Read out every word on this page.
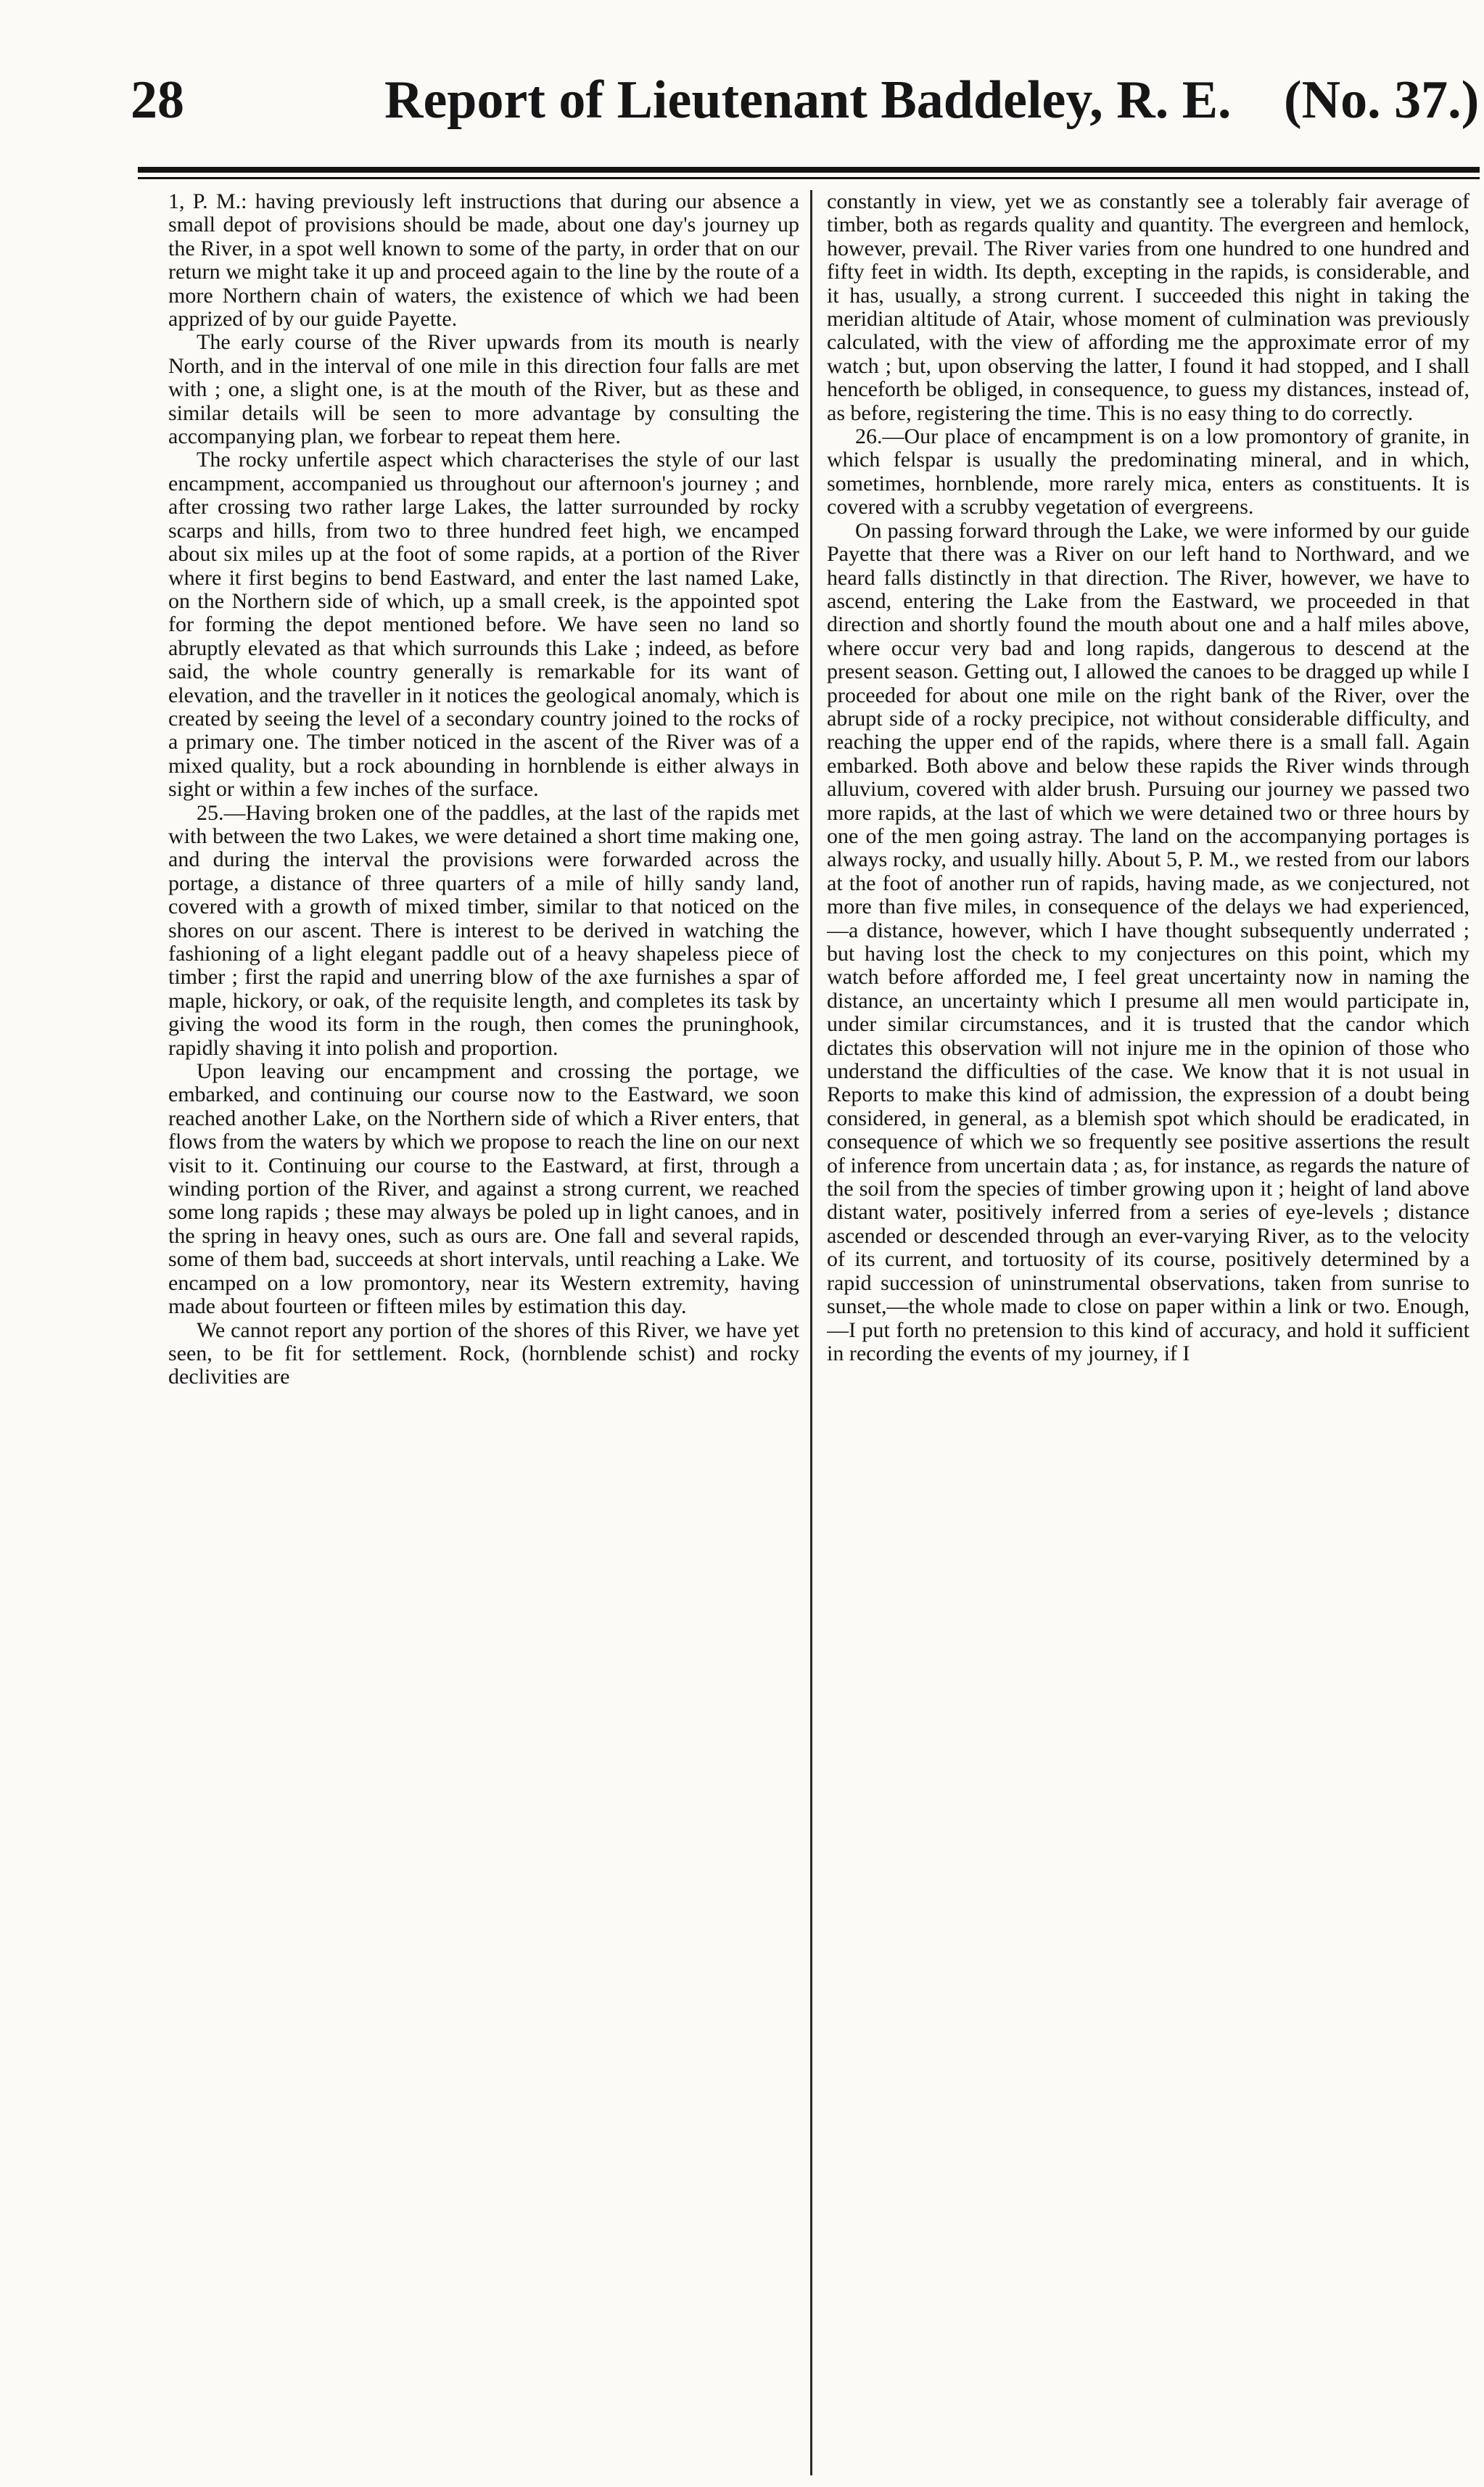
28	Report of Lieutenant Baddeley, R. E. (No. 37.)

1, P. M.: having previously left instructions that during our absence a small depot of provisions should be made, about one day's journey up the River, in a spot well known to some of the party, in order that on our return we might take it up and proceed again to the line by the route of a more Northern chain of waters, the existence of which we had been apprized of by our guide Payette.

The early course of the River upwards from its mouth is nearly North, and in the interval of one mile in this direction four falls are met with ; one, a slight one, is at the mouth of the River, but as these and similar details will be seen to more advantage by consulting the accompanying plan, we forbear to repeat them here.

The rocky unfertile aspect which characterises the style of our last encampment, accompanied us throughout our afternoon's journey ; and after crossing two rather large Lakes, the latter surrounded by rocky scarps and hills, from two to three hundred feet high, we encamped about six miles up at the foot of some rapids, at a portion of the River where it first begins to bend Eastward, and enter the last named Lake, on the Northern side of which, up a small creek, is the appointed spot for forming the depot mentioned before. We have seen no land so abruptly elevated as that which surrounds this Lake ; indeed, as before said, the whole country generally is remarkable for its want of elevation, and the traveller in it notices the geological anomaly, which is created by seeing the level of a secondary country joined to the rocks of a primary one. The timber noticed in the ascent of the River was of a mixed quality, but a rock abounding in hornblende is either always in sight or within a few inches of the surface.

25.—Having broken one of the paddles, at the last of the rapids met with between the two Lakes, we were detained a short time making one, and during the interval the provisions were forwarded across the portage, a distance of three quarters of a mile of hilly sandy land, covered with a growth of mixed timber, similar to that noticed on the shores on our ascent. There is interest to be derived in watching the fashioning of a light elegant paddle out of a heavy shapeless piece of timber ; first the rapid and unerring blow of the axe furnishes a spar of maple, hickory, or oak, of the requisite length, and completes its task by giving the wood its form in the rough, then comes the pruninghook, rapidly shaving it into polish and proportion.

Upon leaving our encampment and crossing the portage, we embarked, and continuing our course now to the Eastward, we soon reached another Lake, on the Northern side of which a River enters, that flows from the waters by which we propose to reach the line on our next visit to it. Continuing our course to the Eastward, at first, through a winding portion of the River, and against a strong current, we reached some long rapids ; these may always be poled up in light canoes, and in the spring in heavy ones, such as ours are. One fall and several rapids, some of them bad, succeeds at short intervals, until reaching a Lake. We encamped on a low promontory, near its Western extremity, having made about fourteen or fifteen miles by estimation this day.

We cannot report any portion of the shores of this River, we have yet seen, to be fit for settlement. Rock, (hornblende schist) and rocky declivities are

constantly in view, yet we as constantly see a tolerably fair average of timber, both as regards quality and quantity. The evergreen and hemlock, however, prevail. The River varies from one hundred to one hundred and fifty feet in width. Its depth, excepting in the rapids, is considerable, and it has, usually, a strong current. I succeeded this night in taking the meridian altitude of Atair, whose moment of culmination was previously calculated, with the view of affording me the approximate error of my watch ; but, upon observing the latter, I found it had stopped, and I shall henceforth be obliged, in consequence, to guess my distances, instead of, as before, registering the time. This is no easy thing to do correctly.

26.—Our place of encampment is on a low promontory of granite, in which felspar is usually the predominating mineral, and in which, sometimes, hornblende, more rarely mica, enters as constituents. It is covered with a scrubby vegetation of evergreens.

On passing forward through the Lake, we were informed by our guide Payette that there was a River on our left hand to Northward, and we heard falls distinctly in that direction. The River, however, we have to ascend, entering the Lake from the Eastward, we proceeded in that direction and shortly found the mouth about one and a half miles above, where occur very bad and long rapids, dangerous to descend at the present season. Getting out, I allowed the canoes to be dragged up while I proceeded for about one mile on the right bank of the River, over the abrupt side of a rocky precipice, not without considerable difficulty, and reaching the upper end of the rapids, where there is a small fall. Again embarked. Both above and below these rapids the River winds through alluvium, covered with alder brush. Pursuing our journey we passed two more rapids, at the last of which we were detained two or three hours by one of the men going astray. The land on the accompanying portages is always rocky, and usually hilly. About 5, P. M., we rested from our labors at the foot of another run of rapids, having made, as we conjectured, not more than five miles, in consequence of the delays we had experienced,—a distance, however, which I have thought subsequently underrated ; but having lost the check to my conjectures on this point, which my watch before afforded me, I feel great uncertainty now in naming the distance, an uncertainty which I presume all men would participate in, under similar circumstances, and it is trusted that the candor which dictates this observation will not injure me in the opinion of those who understand the difficulties of the case. We know that it is not usual in Reports to make this kind of admission, the expression of a doubt being considered, in general, as a blemish spot which should be eradicated, in consequence of which we so frequently see positive assertions the result of inference from uncertain data ; as, for instance, as regards the nature of the soil from the species of timber growing upon it ; height of land above distant water, positively inferred from a series of eye-levels ; distance ascended or descended through an ever-varying River, as to the velocity of its current, and tortuosity of its course, positively determined by a rapid succession of uninstrumental observations, taken from sunrise to sunset,—the whole made to close on paper within a link or two. Enough,—I put forth no pretension to this kind of accuracy, and hold it sufficient in recording the events of my journey, if I
